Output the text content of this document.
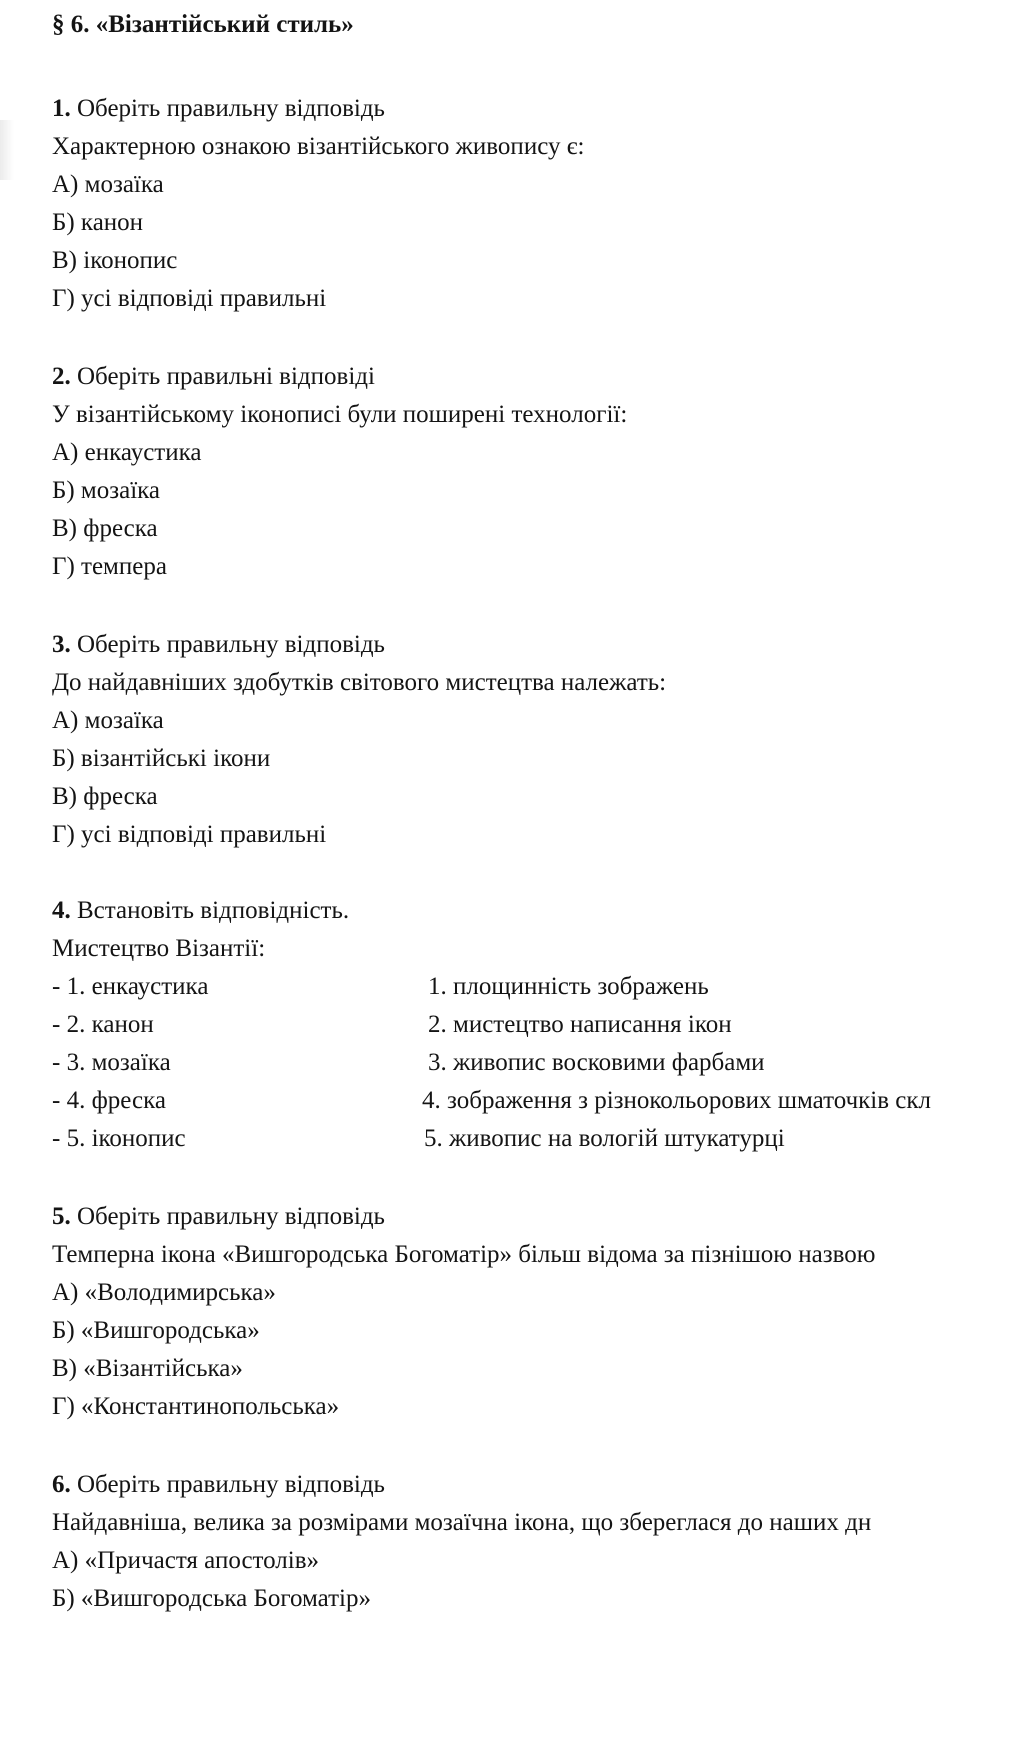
§ 6. «Візантійський стиль»
1. Оберіть правильну відповідь
Характерною ознакою візантійського живопису є:
А) мозаїка
Б) канон
В) іконопис
Г) усі відповіді правильні
2. Оберіть правильні відповіді
У візантійському іконописі були поширені технології:
А) енкаустика
Б) мозаїка
В) фреска
Г) темпера
3. Оберіть правильну відповідь
До найдавніших здобутків світового мистецтва належать:
А) мозаїка
Б) візантійські ікони
В) фреска
Г) усі відповіді правильні
4. Встановіть відповідність.
Мистецтво Візантії:
- 1. енкаустика
- 2. канон
- 3. мозаїка
- 4. фреска
- 5. іконопис
1. площинність зображень
2. мистецтво написання ікон
3. живопис восковими фарбами
4. зображення з різнокольорових шматочків скл
5. живопис на вологій штукатурці
5. Оберіть правильну відповідь
Темперна ікона «Вишгородська Богоматір» більш відома за пізнішою назвою
А) «Володимирська»
Б) «Вишгородська»
В) «Візантійська»
Г) «Константинопольська»
6. Оберіть правильну відповідь
Найдавніша, велика за розмірами мозаїчна ікона, що збереглася до наших дн
А) «Причастя апостолів»
Б) «Вишгородська Богоматір»
